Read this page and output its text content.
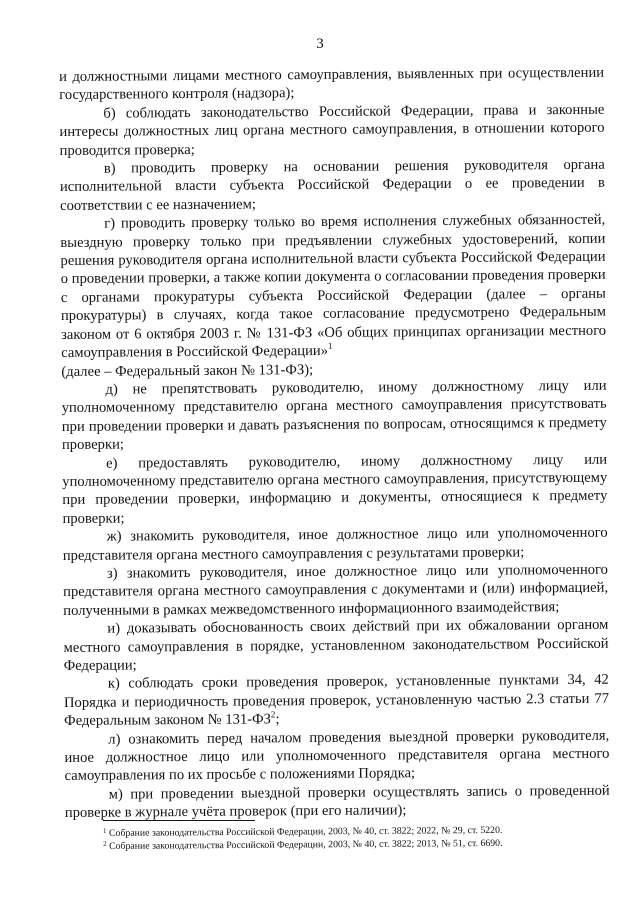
3

и должностными лицами местного самоуправления, выявленных при осуществлении государственного контроля (надзора);

б) соблюдать законодательство Российской Федерации, права и законные интересы должностных лиц органа местного самоуправления, в отношении которого проводится проверка;

в) проводить проверку на основании решения руководителя органа исполнительной власти субъекта Российской Федерации о ее проведении в соответствии с ее назначением;

г) проводить проверку только во время исполнения служебных обязанностей, выездную проверку только при предъявлении служебных удостоверений, копии решения руководителя органа исполнительной власти субъекта Российской Федерации о проведении проверки, а также копии документа о согласовании проведения проверки с органами прокуратуры субъекта Российской Федерации (далее – органы прокуратуры) в случаях, когда такое согласование предусмотрено Федеральным законом от 6 октября 2003 г. № 131-ФЗ «Об общих принципах организации местного самоуправления в Российской Федерации»$^1$

(далее – Федеральный закон № 131-ФЗ);

д) не препятствовать руководителю, иному должностному лицу или уполномоченному представителю органа местного самоуправления присутствовать при проведении проверки и давать разъяснения по вопросам, относящимся к предмету проверки;

е) предоставлять руководителю, иному должностному лицу или уполномоченному представителю органа местного самоуправления, присутствующему при проведении проверки, информацию и документы, относящиеся к предмету проверки;

ж) знакомить руководителя, иное должностное лицо или уполномоченного представителя органа местного самоуправления с результатами проверки;

з) знакомить руководителя, иное должностное лицо или уполномоченного представителя органа местного самоуправления с документами и (или) информацией, полученными в рамках межведомственного информационного взаимодействия;

и) доказывать обоснованность своих действий при их обжаловании органом местного самоуправления в порядке, установленном законодательством Российской Федерации;

к) соблюдать сроки проведения проверок, установленные пунктами 34, 42 Порядка и периодичность проведения проверок, установленную частью 2.3 статьи 77 Федеральным законом № $131-ФЗ^2$;

л) ознакомить перед началом проведения выездной проверки руководителя, иное должностное лицо или уполномоченного представителя органа местного самоуправления по их просьбе с положениями Порядка;

м) при проведении выездной проверки осуществлять запись о проведенной проверке в журнале учёта проверок (при его наличии);

$^1$ Собрание законодательства Российской Федерации, 2003, № 40, ст. 3822; 2022, № 29, ст. 5220.

$^2$ Собрание законодательства Российской Федерации, 2003, № 40, ст. 3822; 2013, № 51, ст. 6690.
